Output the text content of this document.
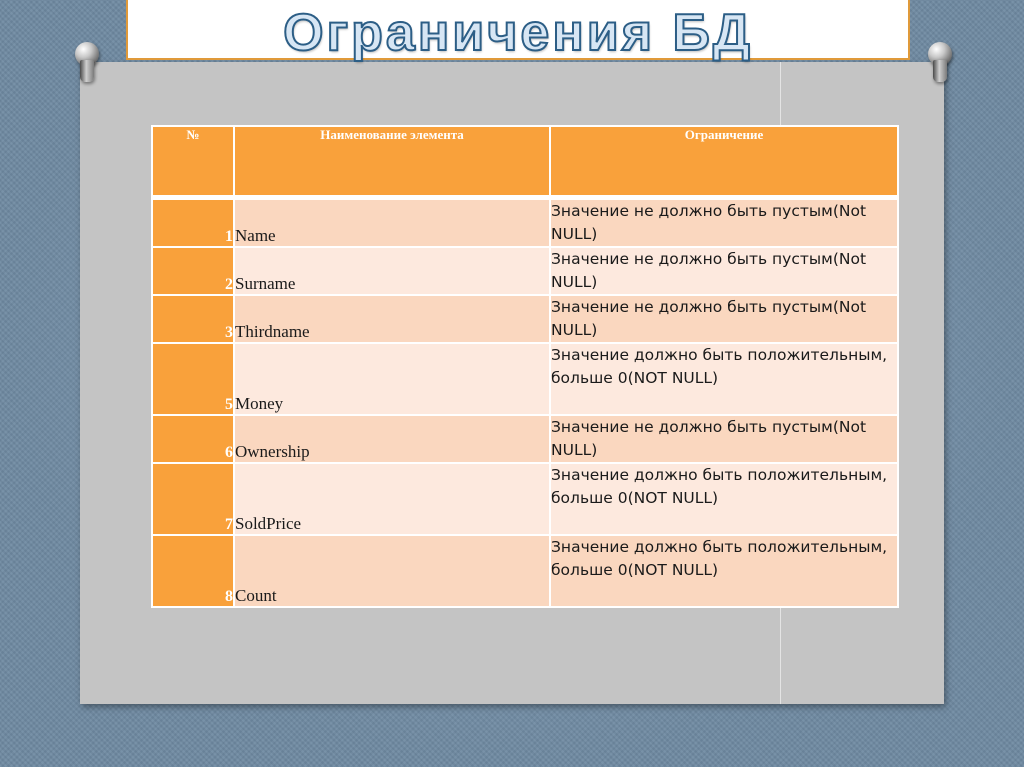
Ограничения БД
№	Наименование элемента	Ограничение

1	Name	Значение не должно быть пустым(Not NULL)
2	Surname	Значение не должно быть пустым(Not NULL)
3	Thirdname	Значение не должно быть пустым(Not NULL)
5	Money	Значение должно быть положительным, больше 0(NOT NULL)
6	Ownership	Значение не должно быть пустым(Not NULL)
7	SoldPrice	Значение должно быть положительным, больше 0(NOT NULL)
8	Count	Значение должно быть положительным, больше 0(NOT NULL)
